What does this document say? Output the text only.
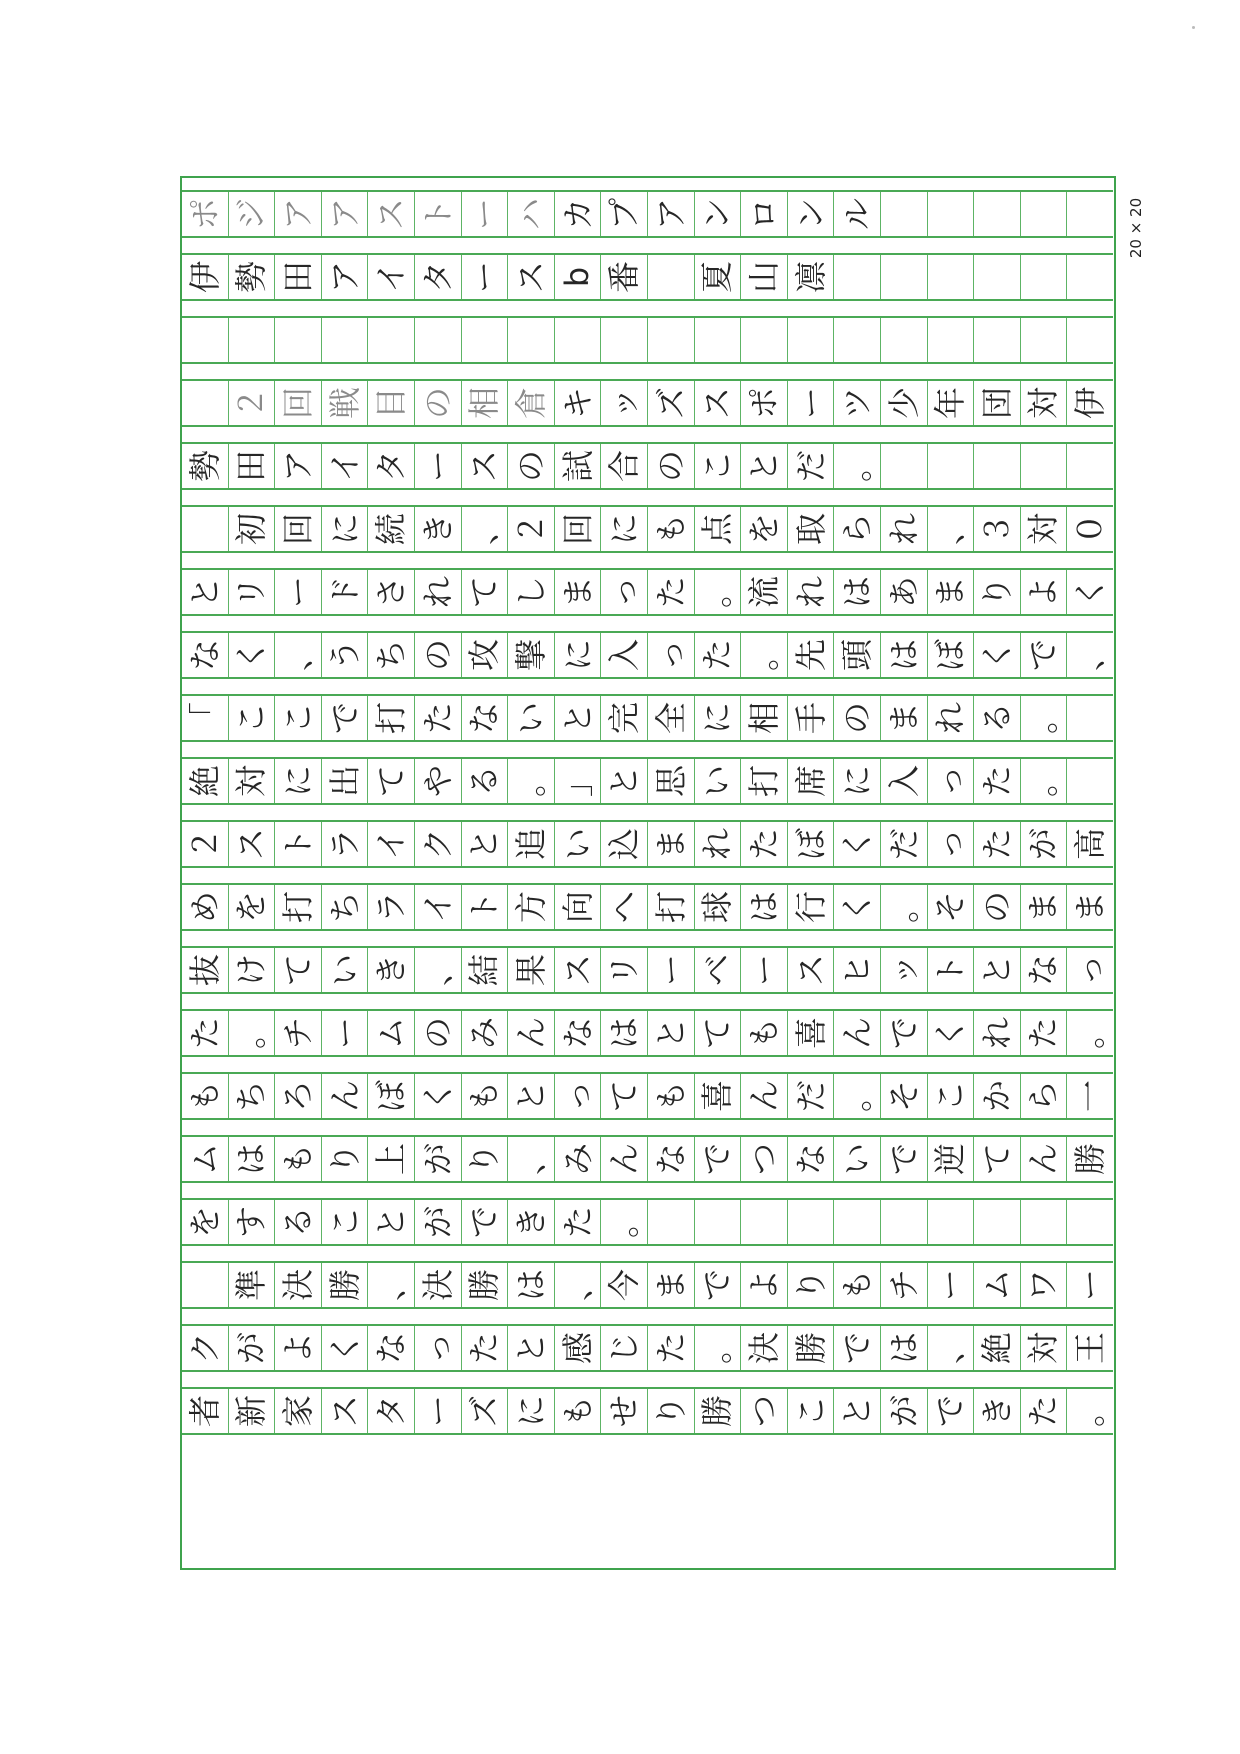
20 × 20
ポ ジ ア ア ス ト ー ハ カ プ ア ン ロ ン ル
伊 勢 田 ア イ タ ー ス b 番 夏 山 凛
２ 回 戦 目 の 相 倉 キ ッ ズ ス ポ ー ツ 少 年 団 対 伊
勢 田 ア イ タ ー ス の 試 合 の こ と だ 。
初 回 に 続 き 、 ２ 回 に も 点 を 取 ら れ 、 ３ 対 ０
と リ ー ド さ れ て し ま っ た 。 流 れ は あ ま り よ く
な く 、 う ち の 攻 撃 に 入 っ た 。 先 頭 は ぼ く で 、
「 こ こ で 打 た な い と 完 全 に 相 手 の ま れ る 。
絶 対 に 出 て や る 。 」 と 思 い 打 席 に 入 っ た 。
２ ス ト ラ イ ク と 追 い 込 ま れ た ぼ く だ っ た が 高
め を 打 ち ラ イ ト 方 向 へ 打 球 は 行 く 。 そ の ま ま
抜 け て い き 、 結 果 ス リ ー ベ ー ス ヒ ッ ト と な っ
た 。 チ ー ム の み ん な は と て も 喜 ん で く れ た 。
も ち ろ ん ぼ く も と っ て も 喜 ん だ 。 そ こ か ら 一
ム は も り 上 が り 、 み ん な で つ な い で 逆 て ん 勝
を す る こ と が で き た 。
準 決 勝 、 決 勝 は 、 今 ま で よ り も チ ー ム ワ ー
ク が よ く な っ た と 感 じ た 。 決 勝 で は 、 絶 対 王
者 新 家 ス タ ー ズ に も せ り 勝 つ こ と が で き た 。
